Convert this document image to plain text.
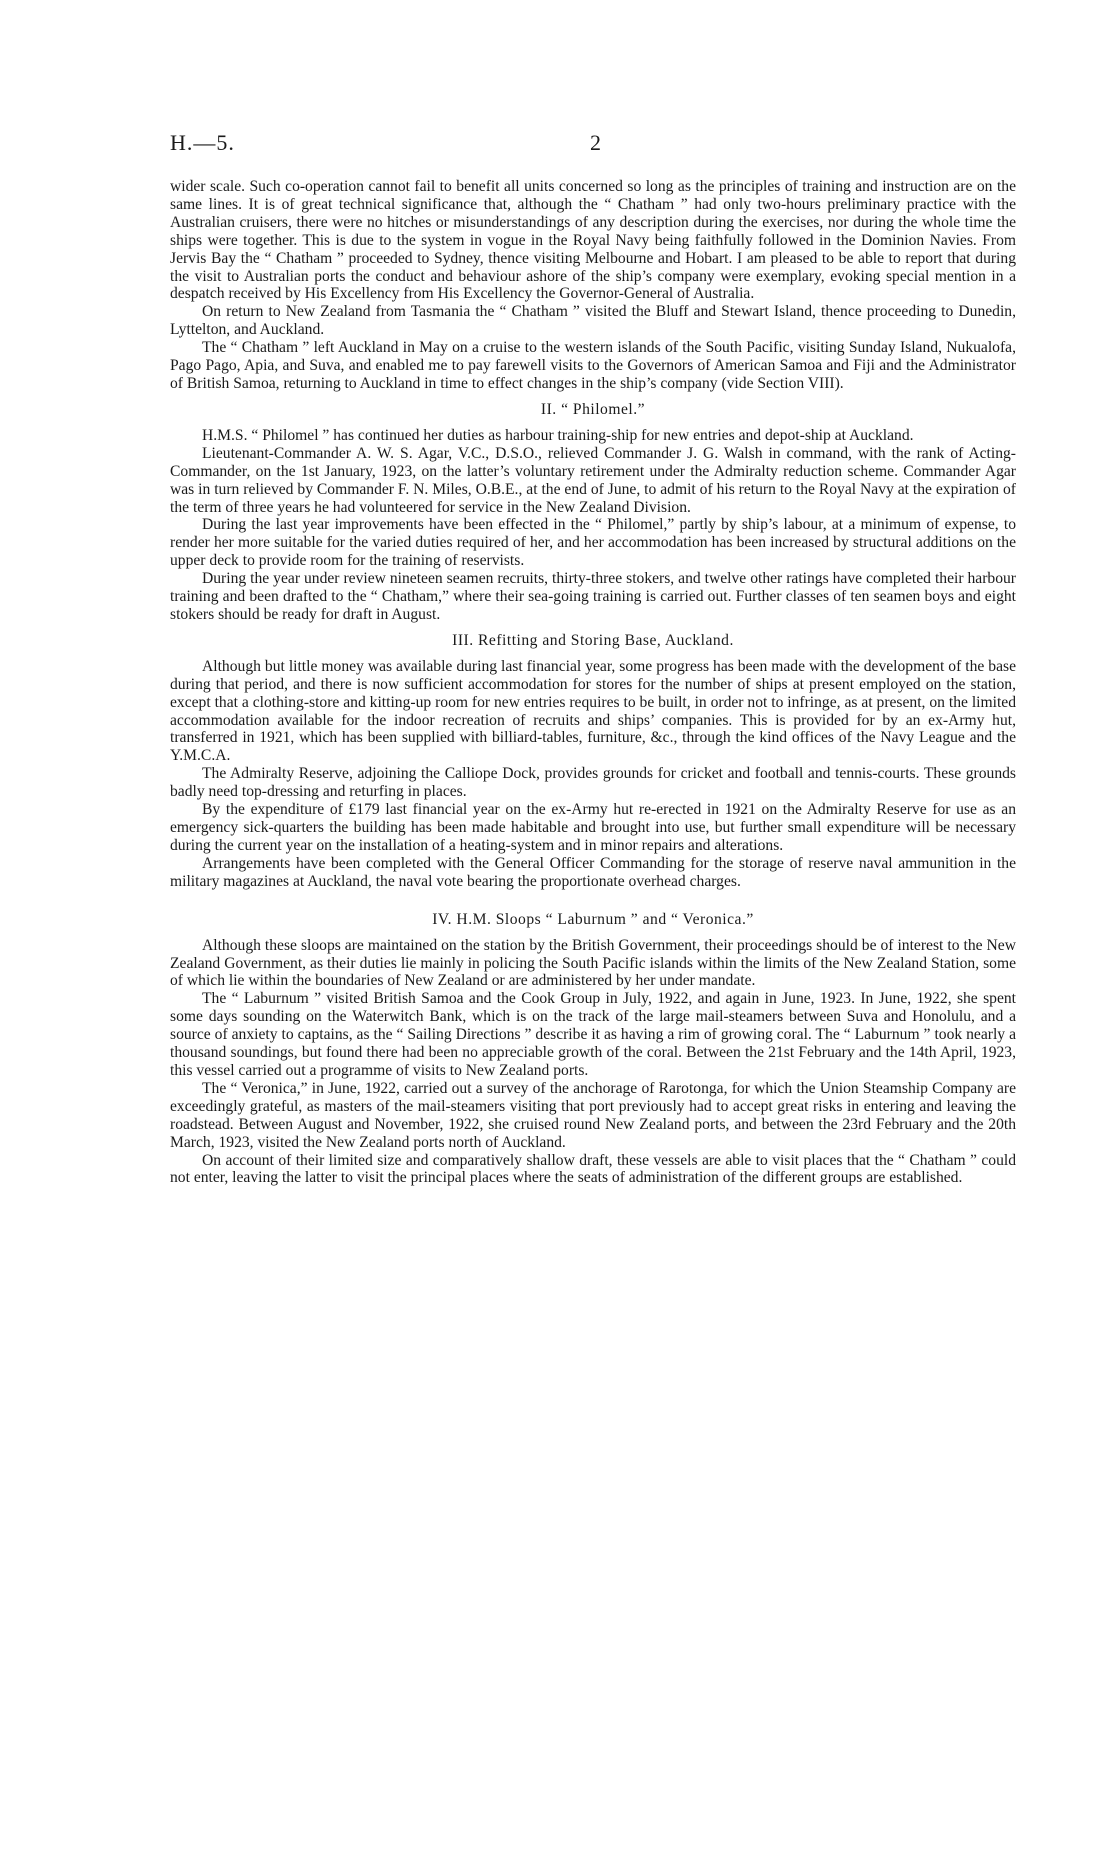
H.—5.	2

wider scale. Such co-operation cannot fail to benefit all units concerned so long as the principles of training and instruction are on the same lines. It is of great technical significance that, although the “ Chatham ” had only two-hours preliminary practice with the Australian cruisers, there were no hitches or misunderstandings of any description during the exercises, nor during the whole time the ships were together. This is due to the system in vogue in the Royal Navy being faithfully followed in the Dominion Navies. From Jervis Bay the “ Chatham ” proceeded to Sydney, thence visiting Melbourne and Hobart. I am pleased to be able to report that during the visit to Australian ports the conduct and behaviour ashore of the ship’s company were exemplary, evoking special mention in a despatch received by His Excellency from His Excellency the Governor-General of Australia.

On return to New Zealand from Tasmania the “ Chatham ” visited the Bluff and Stewart Island, thence proceeding to Dunedin, Lyttelton, and Auckland.

The “ Chatham ” left Auckland in May on a cruise to the western islands of the South Pacific, visiting Sunday Island, Nukualofa, Pago Pago, Apia, and Suva, and enabled me to pay farewell visits to the Governors of American Samoa and Fiji and the Administrator of British Samoa, returning to Auckland in time to effect changes in the ship’s company (vide Section VIII).

II. “ Philomel.”

H.M.S. “ Philomel ” has continued her duties as harbour training-ship for new entries and depot-ship at Auckland.

Lieutenant-Commander A. W. S. Agar, V.C., D.S.O., relieved Commander J. G. Walsh in command, with the rank of Acting-Commander, on the 1st January, 1923, on the latter’s voluntary retirement under the Admiralty reduction scheme. Commander Agar was in turn relieved by Commander F. N. Miles, O.B.E., at the end of June, to admit of his return to the Royal Navy at the expiration of the term of three years he had volunteered for service in the New Zealand Division.

During the last year improvements have been effected in the “ Philomel,” partly by ship’s labour, at a minimum of expense, to render her more suitable for the varied duties required of her, and her accommodation has been increased by structural additions on the upper deck to provide room for the training of reservists.

During the year under review nineteen seamen recruits, thirty-three stokers, and twelve other ratings have completed their harbour training and been drafted to the “ Chatham,” where their sea-going training is carried out. Further classes of ten seamen boys and eight stokers should be ready for draft in August.

III. Refitting and Storing Base, Auckland.

Although but little money was available during last financial year, some progress has been made with the development of the base during that period, and there is now sufficient accommodation for stores for the number of ships at present employed on the station, except that a clothing-store and kitting-up room for new entries requires to be built, in order not to infringe, as at present, on the limited accommodation available for the indoor recreation of recruits and ships’ companies. This is provided for by an ex-Army hut, transferred in 1921, which has been supplied with billiard-tables, furniture, &c., through the kind offices of the Navy League and the Y.M.C.A.

The Admiralty Reserve, adjoining the Calliope Dock, provides grounds for cricket and football and tennis-courts. These grounds badly need top-dressing and returfing in places.

By the expenditure of £179 last financial year on the ex-Army hut re-erected in 1921 on the Admiralty Reserve for use as an emergency sick-quarters the building has been made habitable and brought into use, but further small expenditure will be necessary during the current year on the installation of a heating-system and in minor repairs and alterations.

Arrangements have been completed with the General Officer Commanding for the storage of reserve naval ammunition in the military magazines at Auckland, the naval vote bearing the proportionate overhead charges.

IV. H.M. Sloops “ Laburnum ” and “ Veronica.”

Although these sloops are maintained on the station by the British Government, their proceedings should be of interest to the New Zealand Government, as their duties lie mainly in policing the South Pacific islands within the limits of the New Zealand Station, some of which lie within the boundaries of New Zealand or are administered by her under mandate.

The “ Laburnum ” visited British Samoa and the Cook Group in July, 1922, and again in June, 1923. In June, 1922, she spent some days sounding on the Waterwitch Bank, which is on the track of the large mail-steamers between Suva and Honolulu, and a source of anxiety to captains, as the “ Sailing Directions ” describe it as having a rim of growing coral. The “ Laburnum ” took nearly a thousand soundings, but found there had been no appreciable growth of the coral. Between the 21st February and the 14th April, 1923, this vessel carried out a programme of visits to New Zealand ports.

The “ Veronica,” in June, 1922, carried out a survey of the anchorage of Rarotonga, for which the Union Steamship Company are exceedingly grateful, as masters of the mail-steamers visiting that port previously had to accept great risks in entering and leaving the roadstead. Between August and November, 1922, she cruised round New Zealand ports, and between the 23rd February and the 20th March, 1923, visited the New Zealand ports north of Auckland.

On account of their limited size and comparatively shallow draft, these vessels are able to visit places that the “ Chatham ” could not enter, leaving the latter to visit the principal places where the seats of administration of the different groups are established.
